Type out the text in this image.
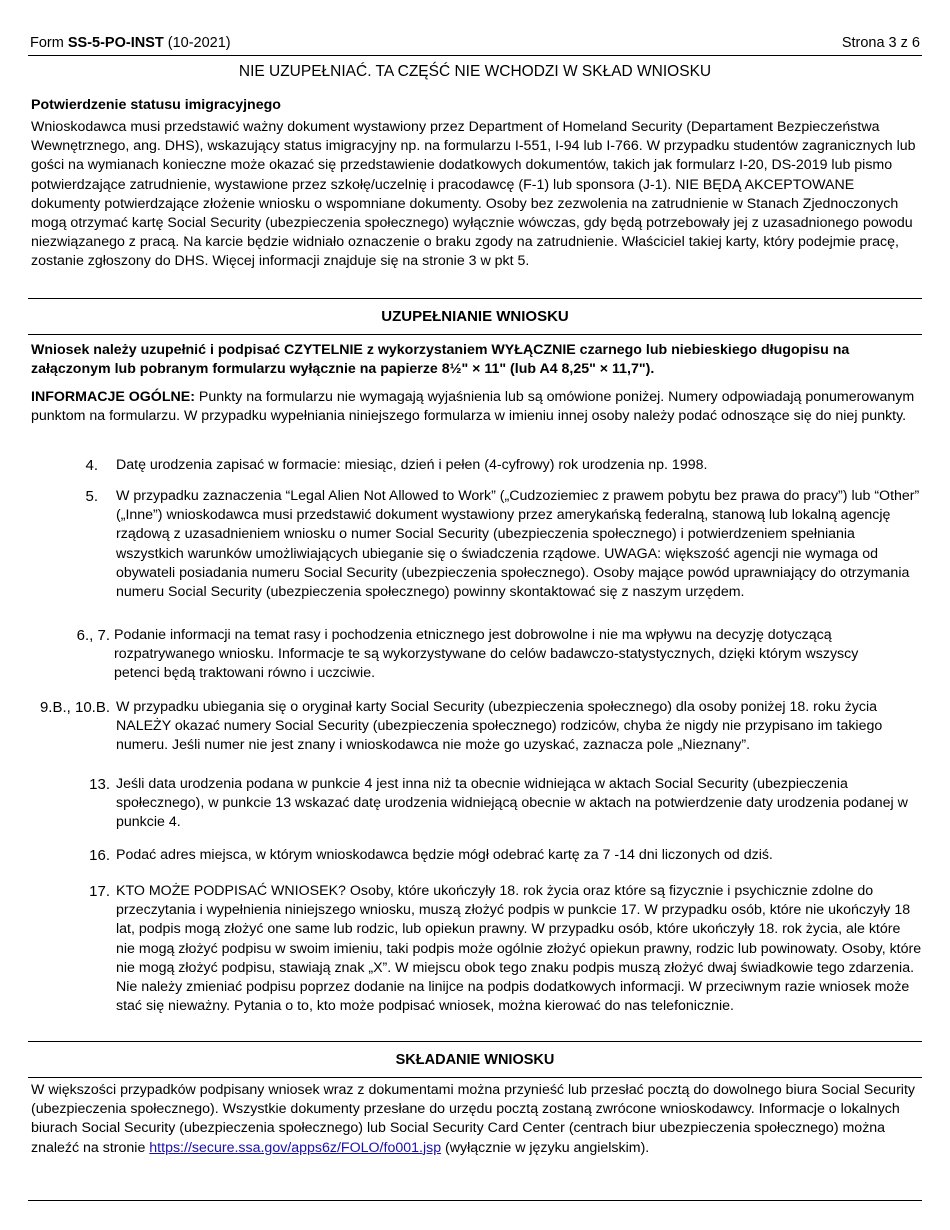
Form SS-5-PO-INST (10-2021)	Strona 3 z 6
NIE UZUPEŁNIAĆ. TA CZĘŚĆ NIE WCHODZI W SKŁAD WNIOSKU
Potwierdzenie statusu imigracyjnego
Wnioskodawca musi przedstawić ważny dokument wystawiony przez Department of Homeland Security (Departament Bezpieczeństwa Wewnętrznego, ang. DHS), wskazujący status imigracyjny np. na formularzu I-551, I-94 lub I-766. W przypadku studentów zagranicznych lub gości na wymianach konieczne może okazać się przedstawienie dodatkowych dokumentów, takich jak formularz I-20, DS-2019 lub pismo potwierdzające zatrudnienie, wystawione przez szkołę/uczelnię i pracodawcę (F-1) lub sponsora (J-1). NIE BĘDĄ AKCEPTOWANE dokumenty potwierdzające złożenie wniosku o wspomniane dokumenty. Osoby bez zezwolenia na zatrudnienie w Stanach Zjednoczonych mogą otrzymać kartę Social Security (ubezpieczenia społecznego) wyłącznie wówczas, gdy będą potrzebowały jej z uzasadnionego powodu niezwiązanego z pracą. Na karcie będzie widniało oznaczenie o braku zgody na zatrudnienie. Właściciel takiej karty, który podejmie pracę, zostanie zgłoszony do DHS. Więcej informacji znajduje się na stronie 3 w pkt 5.
UZUPEŁNIANIE WNIOSKU
Wniosek należy uzupełnić i podpisać CZYTELNIE z wykorzystaniem WYŁĄCZNIE czarnego lub niebieskiego długopisu na załączonym lub pobranym formularzu wyłącznie na papierze 8½" × 11" (lub A4 8,25" × 11,7").
INFORMACJE OGÓLNE: Punkty na formularzu nie wymagają wyjaśnienia lub są omówione poniżej. Numery odpowiadają ponumerowanym punktom na formularzu. W przypadku wypełniania niniejszego formularza w imieniu innej osoby należy podać odnoszące się do niej punkty.
4. Datę urodzenia zapisać w formacie: miesiąc, dzień i pełen (4-cyfrowy) rok urodzenia np. 1998.
5. W przypadku zaznaczenia “Legal Alien Not Allowed to Work” („Cudzoziemiec z prawem pobytu bez prawa do pracy”) lub “Other” („Inne”) wnioskodawca musi przedstawić dokument wystawiony przez amerykańską federalną, stanową lub lokalną agencję rządową z uzasadnieniem wniosku o numer Social Security (ubezpieczenia społecznego) i potwierdzeniem spełniania wszystkich warunków umożliwiających ubieganie się o świadczenia rządowe. UWAGA: większość agencji nie wymaga od obywateli posiadania numeru Social Security (ubezpieczenia społecznego). Osoby mające powód uprawniający do otrzymania numeru Social Security (ubezpieczenia społecznego) powinny skontaktować się z naszym urzędem.
6., 7. Podanie informacji na temat rasy i pochodzenia etnicznego jest dobrowolne i nie ma wpływu na decyzję dotyczącą rozpatrywanego wniosku. Informacje te są wykorzystywane do celów badawczo-statystycznych, dzięki którym wszyscy petenci będą traktowani równo i uczciwie.
9.B., 10.B. W przypadku ubiegania się o oryginał karty Social Security (ubezpieczenia społecznego) dla osoby poniżej 18. roku życia NALEŻY okazać numery Social Security (ubezpieczenia społecznego) rodziców, chyba że nigdy nie przypisano im takiego numeru. Jeśli numer nie jest znany i wnioskodawca nie może go uzyskać, zaznacza pole „Nieznany”.
13. Jeśli data urodzenia podana w punkcie 4 jest inna niż ta obecnie widniejąca w aktach Social Security (ubezpieczenia społecznego), w punkcie 13 wskazać datę urodzenia widniejącą obecnie w aktach na potwierdzenie daty urodzenia podanej w punkcie 4.
16. Podać adres miejsca, w którym wnioskodawca będzie mógł odebrać kartę za 7 -14 dni liczonych od dziś.
17. KTO MOŻE PODPISAĆ WNIOSEK? Osoby, które ukończyły 18. rok życia oraz które są fizycznie i psychicznie zdolne do przeczytania i wypełnienia niniejszego wniosku, muszą złożyć podpis w punkcie 17. W przypadku osób, które nie ukończyły 18 lat, podpis mogą złożyć one same lub rodzic, lub opiekun prawny. W przypadku osób, które ukończyły 18. rok życia, ale które nie mogą złożyć podpisu w swoim imieniu, taki podpis może ogólnie złożyć opiekun prawny, rodzic lub powinowaty. Osoby, które nie mogą złożyć podpisu, stawiają znak „X”. W miejscu obok tego znaku podpis muszą złożyć dwaj świadkowie tego zdarzenia. Nie należy zmieniać podpisu poprzez dodanie na linijce na podpis dodatkowych informacji. W przeciwnym razie wniosek może stać się nieważny. Pytania o to, kto może podpisać wniosek, można kierować do nas telefonicznie.
SKŁADANIE WNIOSKU
W większości przypadków podpisany wniosek wraz z dokumentami można przynieść lub przesłać pocztą do dowolnego biura Social Security (ubezpieczenia społecznego). Wszystkie dokumenty przesłane do urzędu pocztą zostaną zwrócone wnioskodawcy. Informacje o lokalnych biurach Social Security (ubezpieczenia społecznego) lub Social Security Card Center (centrach biur ubezpieczenia społecznego) można znaleźć na stronie https://secure.ssa.gov/apps6z/FOLO/fo001.jsp (wyłącznie w języku angielskim).
